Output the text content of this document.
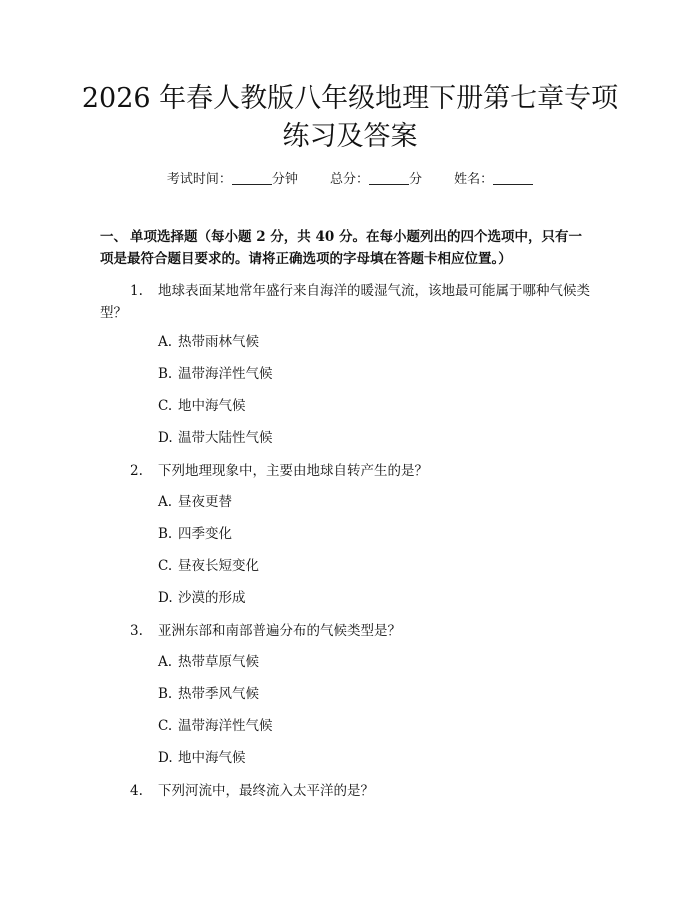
2026 年春人教版八年级地理下册第七章专项
练习及答案
考试时间：	分钟 总分：	分 姓名：
一、 单项选择题（每小题 2 分，共 40 分。在每小题列出的四个选项中，只有一
项是最符合题目要求的。请将正确选项的字母填在答题卡相应位置。）
1. 地球表面某地常年盛行来自海洋的暖湿气流，该地最可能属于哪种气候类
型？
A. 热带雨林气候
B. 温带海洋性气候
C. 地中海气候
D. 温带大陆性气候
2. 下列地理现象中，主要由地球自转产生的是？
A. 昼夜更替
B. 四季变化
C. 昼夜长短变化
D. 沙漠的形成
3. 亚洲东部和南部普遍分布的气候类型是？
A. 热带草原气候
B. 热带季风气候
C. 温带海洋性气候
D. 地中海气候
4. 下列河流中，最终流入太平洋的是？
